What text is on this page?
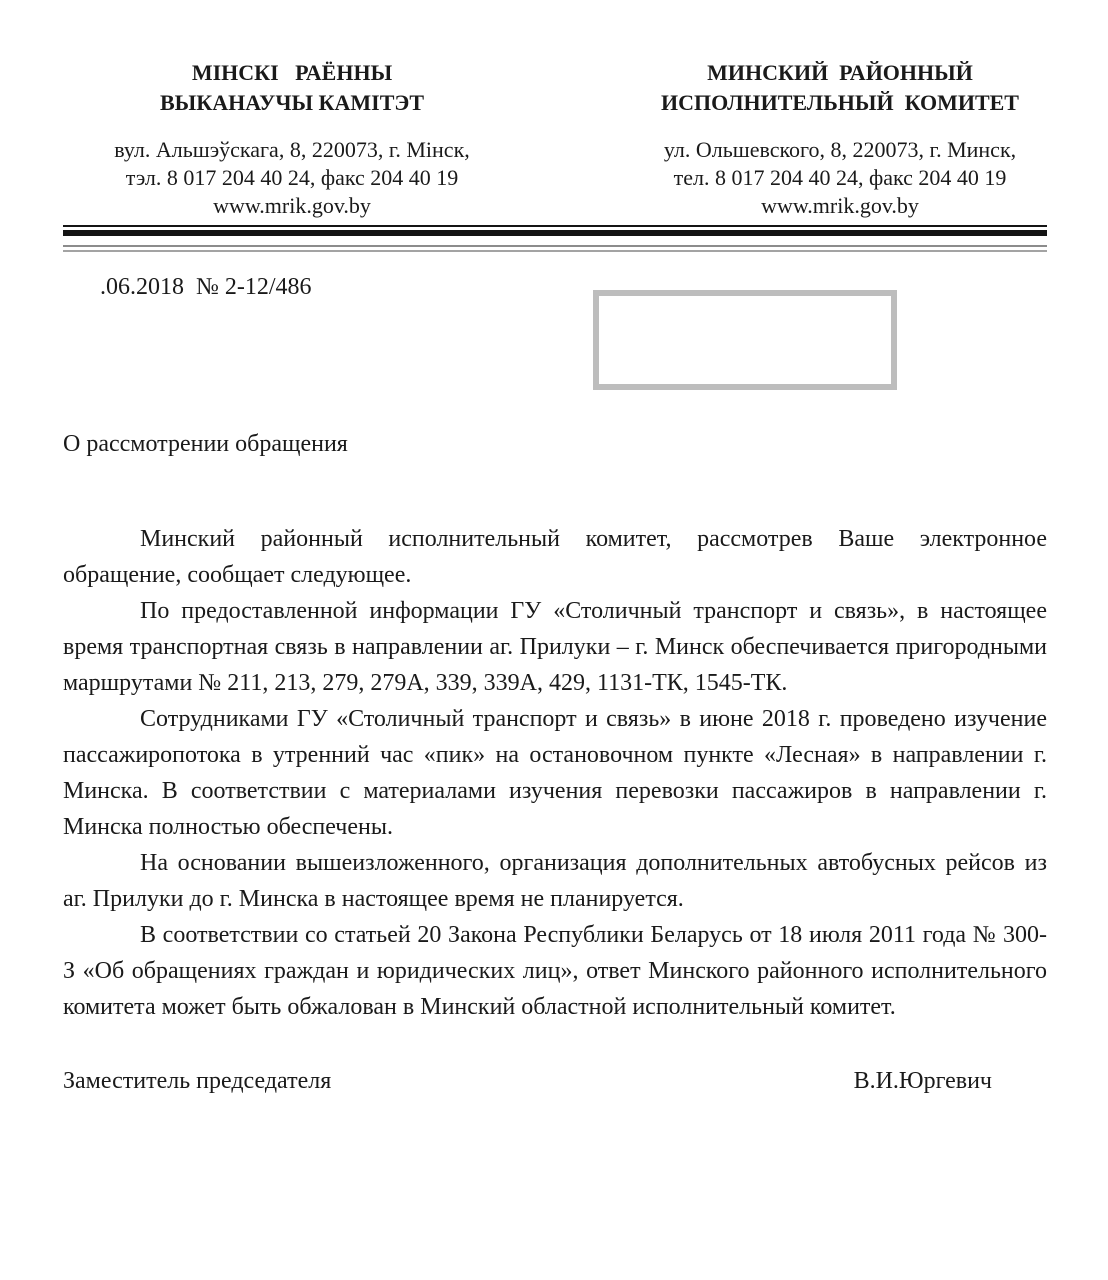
МІНСКІ   РАЁННЫ
ВЫКАНАУЧЫ КАМІТЭТ
вул. Альшэўскага, 8, 220073, г. Мінск,
тэл. 8 017 204 40 24, факс 204 40 19
www.mrik.gov.by
МИНСКИЙ  РАЙОННЫЙ
ИСПОЛНИТЕЛЬНЫЙ  КОМИТЕТ
ул. Ольшевского, 8, 220073, г. Минск,
тел. 8 017 204 40 24, факс 204 40 19
www.mrik.gov.by
.06.2018  № 2-12/486
О рассмотрении обращения

Минский районный исполнительный комитет, рассмотрев Ваше электронное обращение, сообщает следующее.

По предоставленной информации ГУ «Столичный транспорт и связь», в настоящее время транспортная связь в направлении аг. Прилуки – г. Минск обеспечивается пригородными маршрутами № 211, 213, 279, 279А, 339, 339А, 429, 1131-ТК, 1545-ТК.

Сотрудниками ГУ «Столичный транспорт и связь» в июне 2018 г. проведено изучение пассажиропотока в утренний час «пик» на остановочном пункте «Лесная» в направлении г. Минска. В соответствии с материалами изучения перевозки пассажиров в направлении г. Минска полностью обеспечены.

На основании вышеизложенного, организация дополнительных автобусных рейсов из аг. Прилуки до г. Минска в настоящее время не планируется.

В соответствии со статьей 20 Закона Республики Беларусь от 18 июля 2011 года № 300-З «Об обращениях граждан и юридических лиц», ответ Минского районного исполнительного комитета может быть обжалован в Минский областной исполнительный комитет.

Заместитель председателя	В.И.Юргевич
